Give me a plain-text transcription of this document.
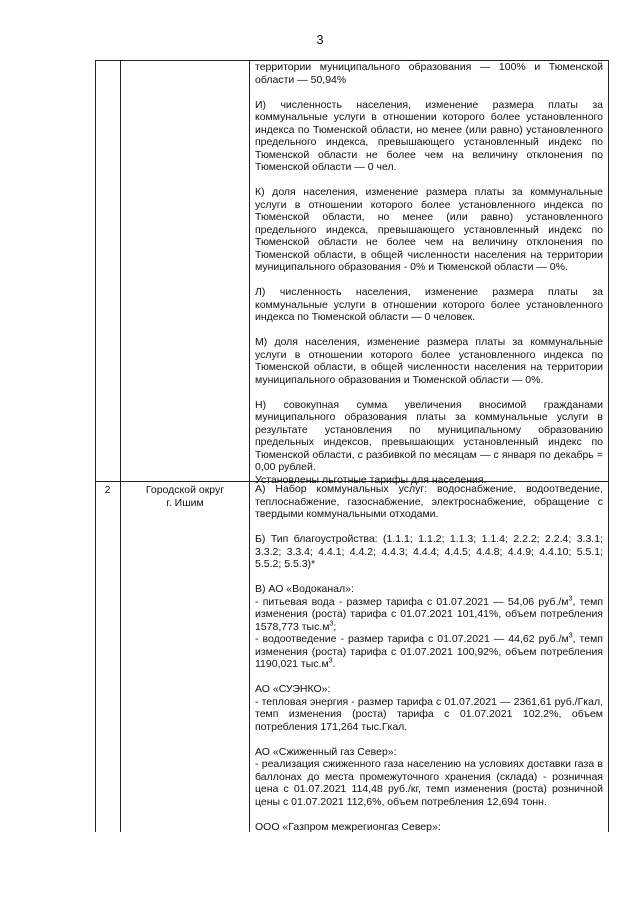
3

территории муниципального образования — 100% и Тюменской области — 50,94%

И) численность населения, изменение размера платы за коммунальные услуги в отношении которого более установленного индекса по Тюменской области, но менее (или равно) установленного предельного индекса, превышающего установленный индекс по Тюменской области не более чем на величину отклонения по Тюменской области — 0 чел.

К) доля населения, изменение размера платы за коммунальные услуги в отношении которого более установленного индекса по Тюменской области, но менее (или равно) установленного предельного индекса, превышающего установленный индекс по Тюменской области не более чем на величину отклонения по Тюменской области, в общей численности населения на территории муниципального образования - 0% и Тюменской области — 0%.

Л) численность населения, изменение размера платы за коммунальные услуги в отношении которого более установленного индекса по Тюменской области — 0 человек.

М) доля населения, изменение размера платы за коммунальные услуги в отношении которого более установленного индекса по Тюменской области, в общей численности населения на территории муниципального образования и Тюменской области — 0%.

Н) совокупная сумма увеличения вносимой гражданами муниципального образования платы за коммунальные услуги в результате установления по муниципальному образованию предельных индексов, превышающих установленный индекс по Тюменской области, с разбивкой по месяцам — с января по декабрь = 0,00 рублей.

Установлены льготные тарифы для населения.

2	Городской округ
г. Ишим

А) Набор коммунальных услуг: водоснабжение, водоотведение, теплоснабжение, газоснабжение, электроснабжение, обращение с твердыми коммунальными отходами.

Б) Тип благоустройства: (1.1.1; 1.1.2; 1.1.3; 1.1.4; 2.2.2; 2.2.4; 3.3.1; 3.3.2; 3.3.4; 4.4.1; 4.4.2; 4.4.3; 4.4.4; 4.4.5; 4.4.8; 4.4.9; 4.4.10; 5.5.1; 5.5.2; 5.5.3)*

В) АО «Водоканал»:
- питьевая вода - размер тарифа с 01.07.2021 — 54,06 $руб./м^3$, темп изменения (роста) тарифа с 01.07.2021 101,41%, объем потребления 1578,773 $тыс.м^3$;
- водоотведение - размер тарифа с 01.07.2021 — 44,62 $руб./м^3$, темп изменения (роста) тарифа с 01.07.2021 100,92%, объем потребления 1190,021 $тыс.м^3$.

АО «СУЭНКО»:
- тепловая энергия - размер тарифа с 01.07.2021 — 2361,61 руб./Гкал, темп изменения (роста) тарифа с 01.07.2021 102.2%, объем потребления 171,264 тыс.Гкал.

АО «Сжиженный газ Север»:
- реализация сжиженного газа населению на условиях доставки газа в баллонах до места промежуточного хранения (склада) - розничная цена с 01.07.2021 114,48 руб./кг, темп изменения (роста) розничной цены с 01.07.2021 112,6%, объем потребления 12,694 тонн.

ООО «Газпром межрегионгаз Север»:
